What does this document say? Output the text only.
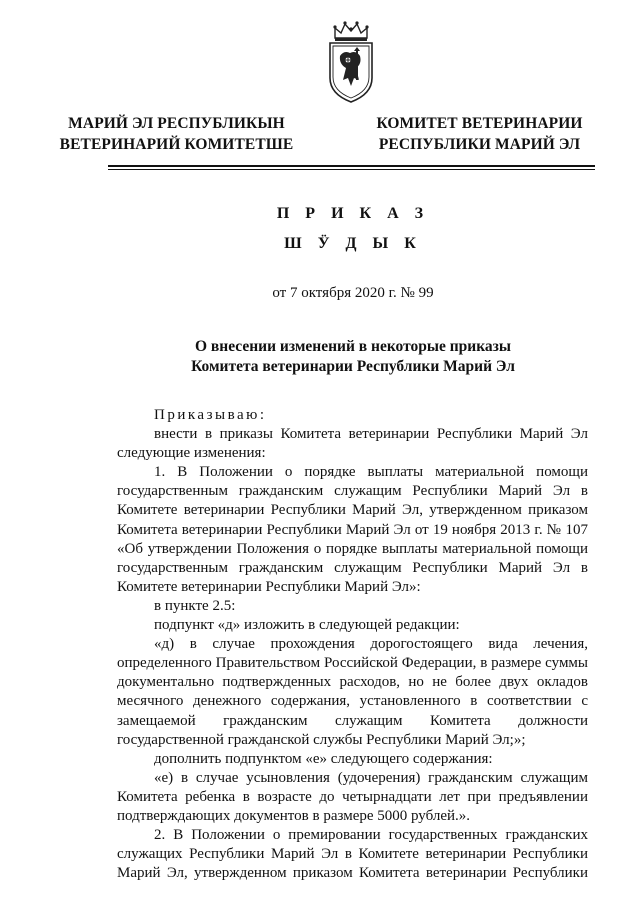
МАРИЙ ЭЛ РЕСПУБЛИКЫН
ВЕТЕРИНАРИЙ КОМИТЕТШЕ
КОМИТЕТ ВЕТЕРИНАРИИ
РЕСПУБЛИКИ МАРИЙ ЭЛ
П Р И К А З
Ш Ӱ Д Ы К
от 7 октября 2020 г. № 99
О внесении изменений в некоторые приказы
Комитета ветеринарии Республики Марий Эл

Приказываю:

внести в приказы Комитета ветеринарии Республики Марий Эл следующие изменения:

1. В Положении о порядке выплаты материальной помощи государственным гражданским служащим Республики Марий Эл в Комитете ветеринарии Республики Марий Эл, утвержденном приказом Комитета ветеринарии Республики Марий Эл от 19 ноября 2013 г. № 107 «Об утверждении Положения о порядке выплаты материальной помощи государственным гражданским служащим Республики Марий Эл в Комитете ветеринарии Республики Марий Эл»:

в пункте 2.5:

подпункт «д» изложить в следующей редакции:

«д) в случае прохождения дорогостоящего вида лечения, определенного Правительством Российской Федерации, в размере суммы документально подтвержденных расходов, но не более двух окладов месячного денежного содержания, установленного в соответствии с замещаемой гражданским служащим Комитета должности государственной гражданской службы Республики Марий Эл;»;

дополнить подпунктом «е» следующего содержания:

«е) в случае усыновления (удочерения) гражданским служащим Комитета ребенка в возрасте до четырнадцати лет при предъявлении подтверждающих документов в размере 5000 рублей.».

2. В Положении о премировании государственных гражданских служащих Республики Марий Эл в Комитете ветеринарии Республики Марий Эл, утвержденном приказом Комитета ветеринарии Республики
